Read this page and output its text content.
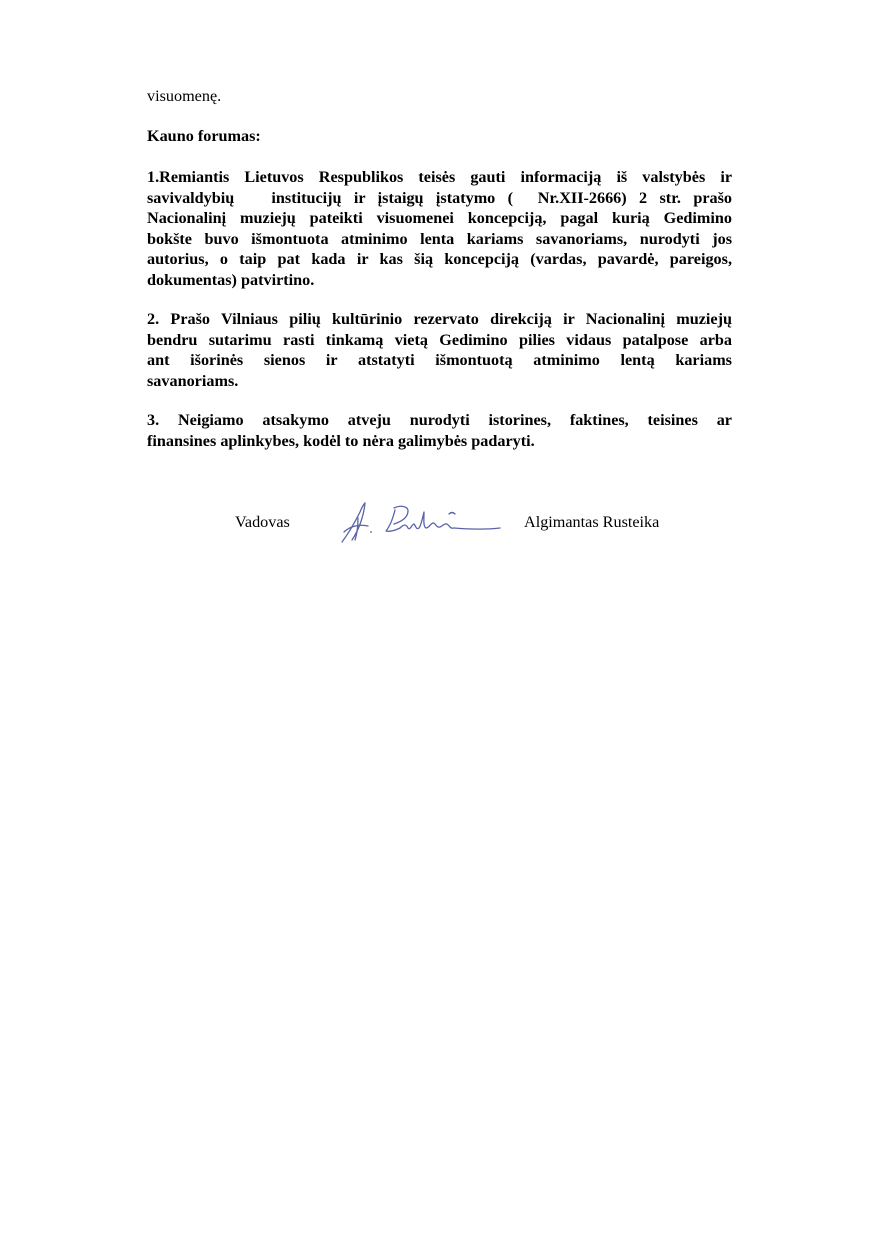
visuomenę.

Kauno forumas:

1.Remiantis Lietuvos Respublikos teisės gauti informaciją iš valstybės ir
savivaldybių   institucijų ir įstaigų įstatymo (  Nr.XII-2666) 2 str. prašo
Nacionalinį muziejų pateikti visuomenei koncepciją, pagal kurią Gedimino
bokšte buvo išmontuota atminimo lenta kariams savanoriams, nurodyti jos
autorius, o taip pat kada ir kas šią koncepciją (vardas, pavardė, pareigos,
dokumentas) patvirtino.
2. Prašo Vilniaus pilių kultūrinio rezervato direkciją ir Nacionalinį muziejų
bendru sutarimu rasti tinkamą vietą Gedimino pilies vidaus patalpose arba
ant išorinės sienos ir atstatyti išmontuotą atminimo lentą kariams
savanoriams.
3. Neigiamo atsakymo atveju nurodyti istorines, faktines, teisines ar
finansines aplinkybes, kodėl to nėra galimybės padaryti.
Vadovas	Algimantas Rusteika
